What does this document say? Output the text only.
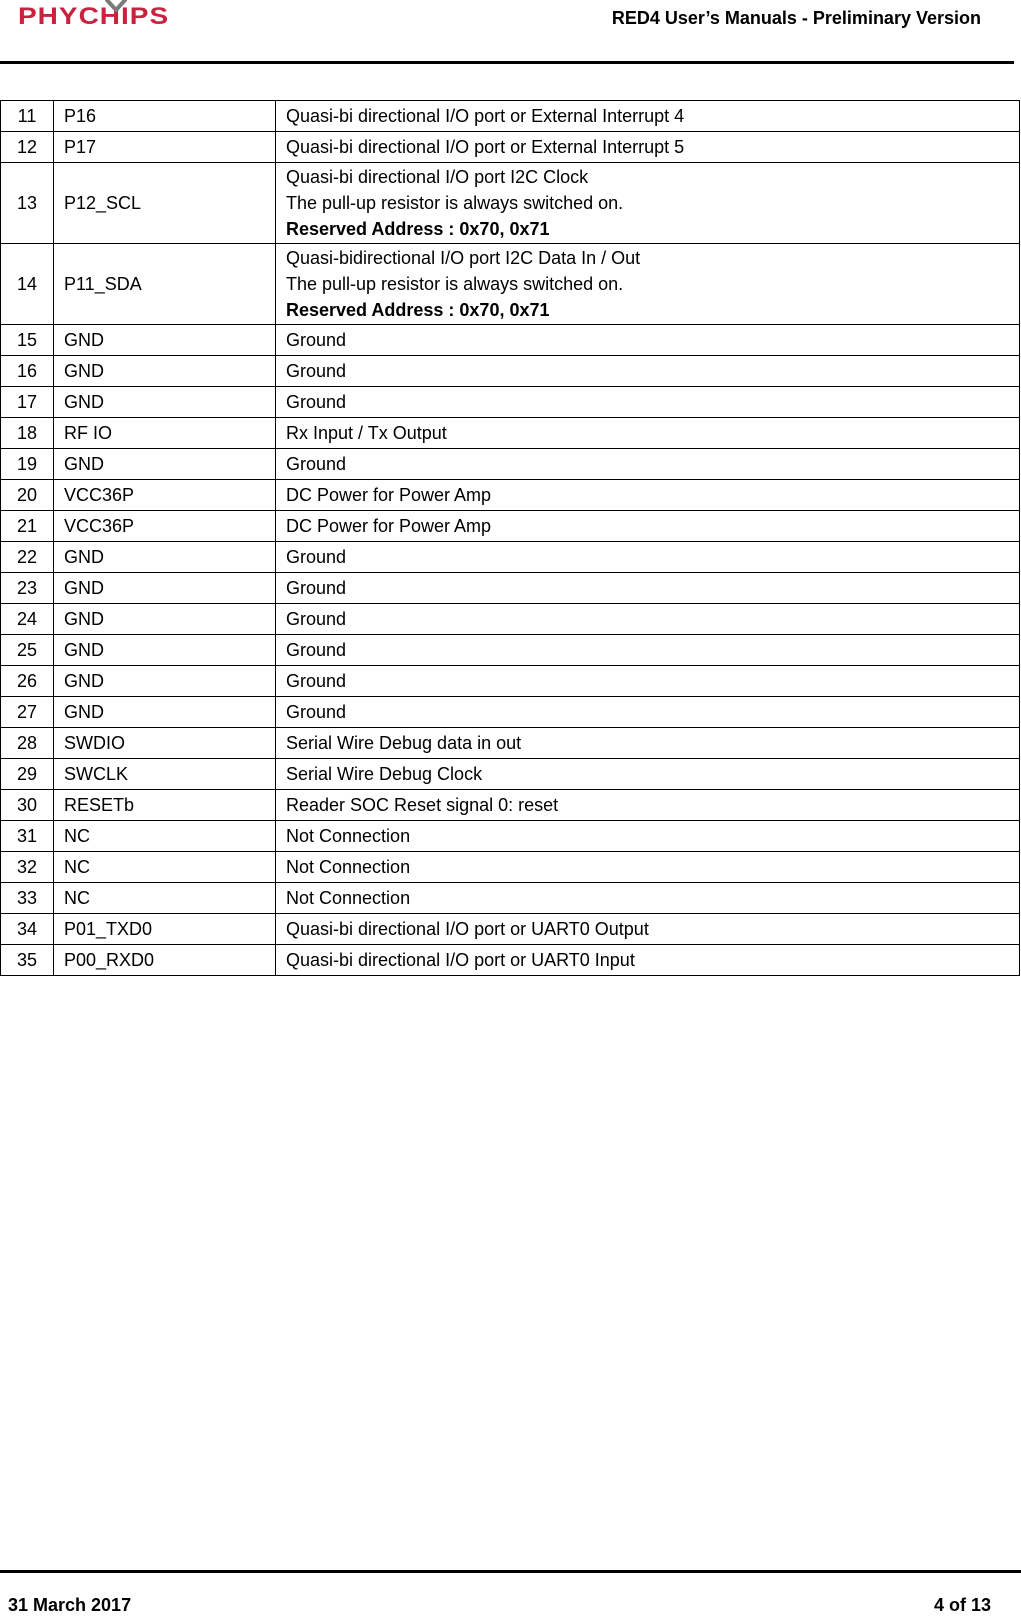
PHYCHIPS	RED4 User’s Manuals - Preliminary Version
11	P16	Quasi-bi directional I/O port or External Interrupt 4

12	P17	Quasi-bi directional I/O port or External Interrupt 5

13	P12_SCL	Quasi-bi directional I/O port I2C Clock
The pull-up resistor is always switched on.
Reserved Address : 0x70, 0x71

14	P11_SDA	Quasi-bidirectional I/O port I2C Data In / Out
The pull-up resistor is always switched on.
Reserved Address : 0x70, 0x71

15	GND	Ground

16	GND	Ground

17	GND	Ground

18	RF IO	Rx Input / Tx Output

19	GND	Ground

20	VCC36P	DC Power for Power Amp

21	VCC36P	DC Power for Power Amp

22	GND	Ground

23	GND	Ground

24	GND	Ground

25	GND	Ground

26	GND	Ground

27	GND	Ground

28	SWDIO	Serial Wire Debug data in out

29	SWCLK	Serial Wire Debug Clock

30	RESETb	Reader SOC Reset signal 0: reset

31	NC	Not Connection

32	NC	Not Connection

33	NC	Not Connection

34	P01_TXD0	Quasi-bi directional I/O port or UART0 Output

35	P00_RXD0	Quasi-bi directional I/O port or UART0 Input
31 March 2017	4 of 13
